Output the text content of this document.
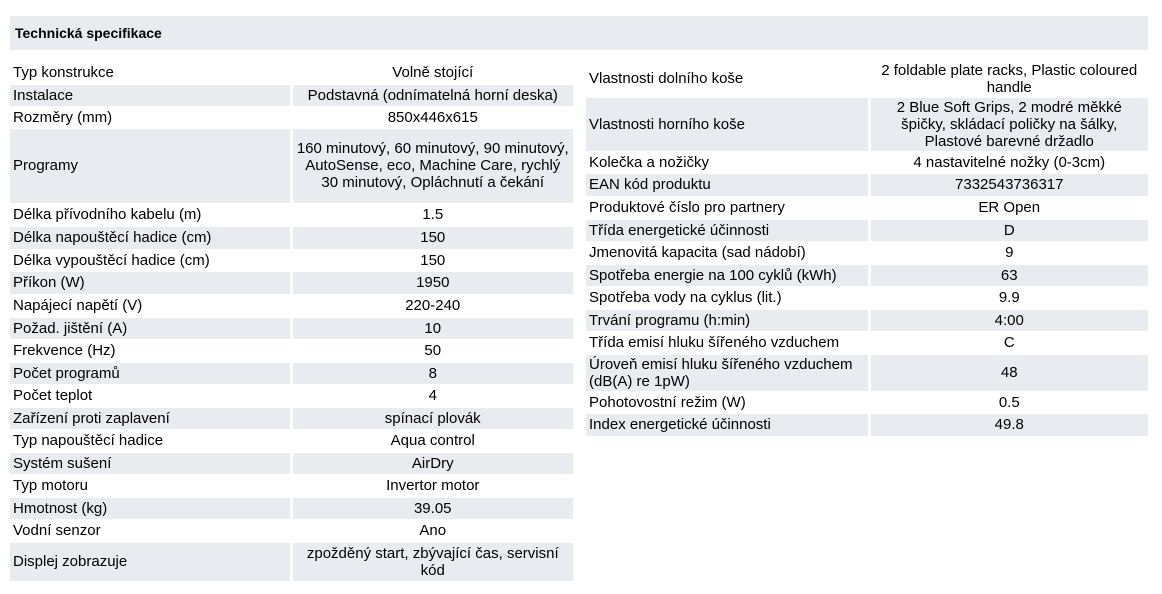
Technická specifikace
Typ konstrukce	Volně stojící
Instalace	Podstavná (odnímatelná horní deska)
Rozměry (mm)	850x446x615
Programy	160 minutový, 60 minutový, 90 minutový, AutoSense, eco, Machine Care, rychlý 30 minutový, Opláchnutí a čekání
Délka přívodního kabelu (m)	1.5
Délka napouštěcí hadice (cm)	150
Délka vypouštěcí hadice (cm)	150
Příkon (W)	1950
Napájecí napětí (V)	220-240
Požad. jištění (A)	10
Frekvence (Hz)	50
Počet programů	8
Počet teplot	4
Zařízení proti zaplavení	spínací plovák
Typ napouštěcí hadice	Aqua control
Systém sušení	AirDry
Typ motoru	Invertor motor
Hmotnost (kg)	39.05
Vodní senzor	Ano
Displej zobrazuje	zpožděný start, zbývající čas, servisní kód
Vlastnosti dolního koše	2 foldable plate racks, Plastic coloured handle
Vlastnosti horního koše	2 Blue Soft Grips, 2 modré měkké špičky, skládací poličky na šálky, Plastové barevné držadlo
Kolečka a nožičky	4 nastavitelné nožky (0-3cm)
EAN kód produktu	7332543736317
Produktové číslo pro partnery	ER Open
Třída energetické účinnosti	D
Jmenovitá kapacita (sad nádobí)	9
Spotřeba energie na 100 cyklů (kWh)	63
Spotřeba vody na cyklus (lit.)	9.9
Trvání programu (h:min)	4:00
Třída emisí hluku šířeného vzduchem	C
Úroveň emisí hluku šířeného vzduchem (dB(A) re 1pW)	48
Pohotovostní režim (W)	0.5
Index energetické účinnosti	49.8
